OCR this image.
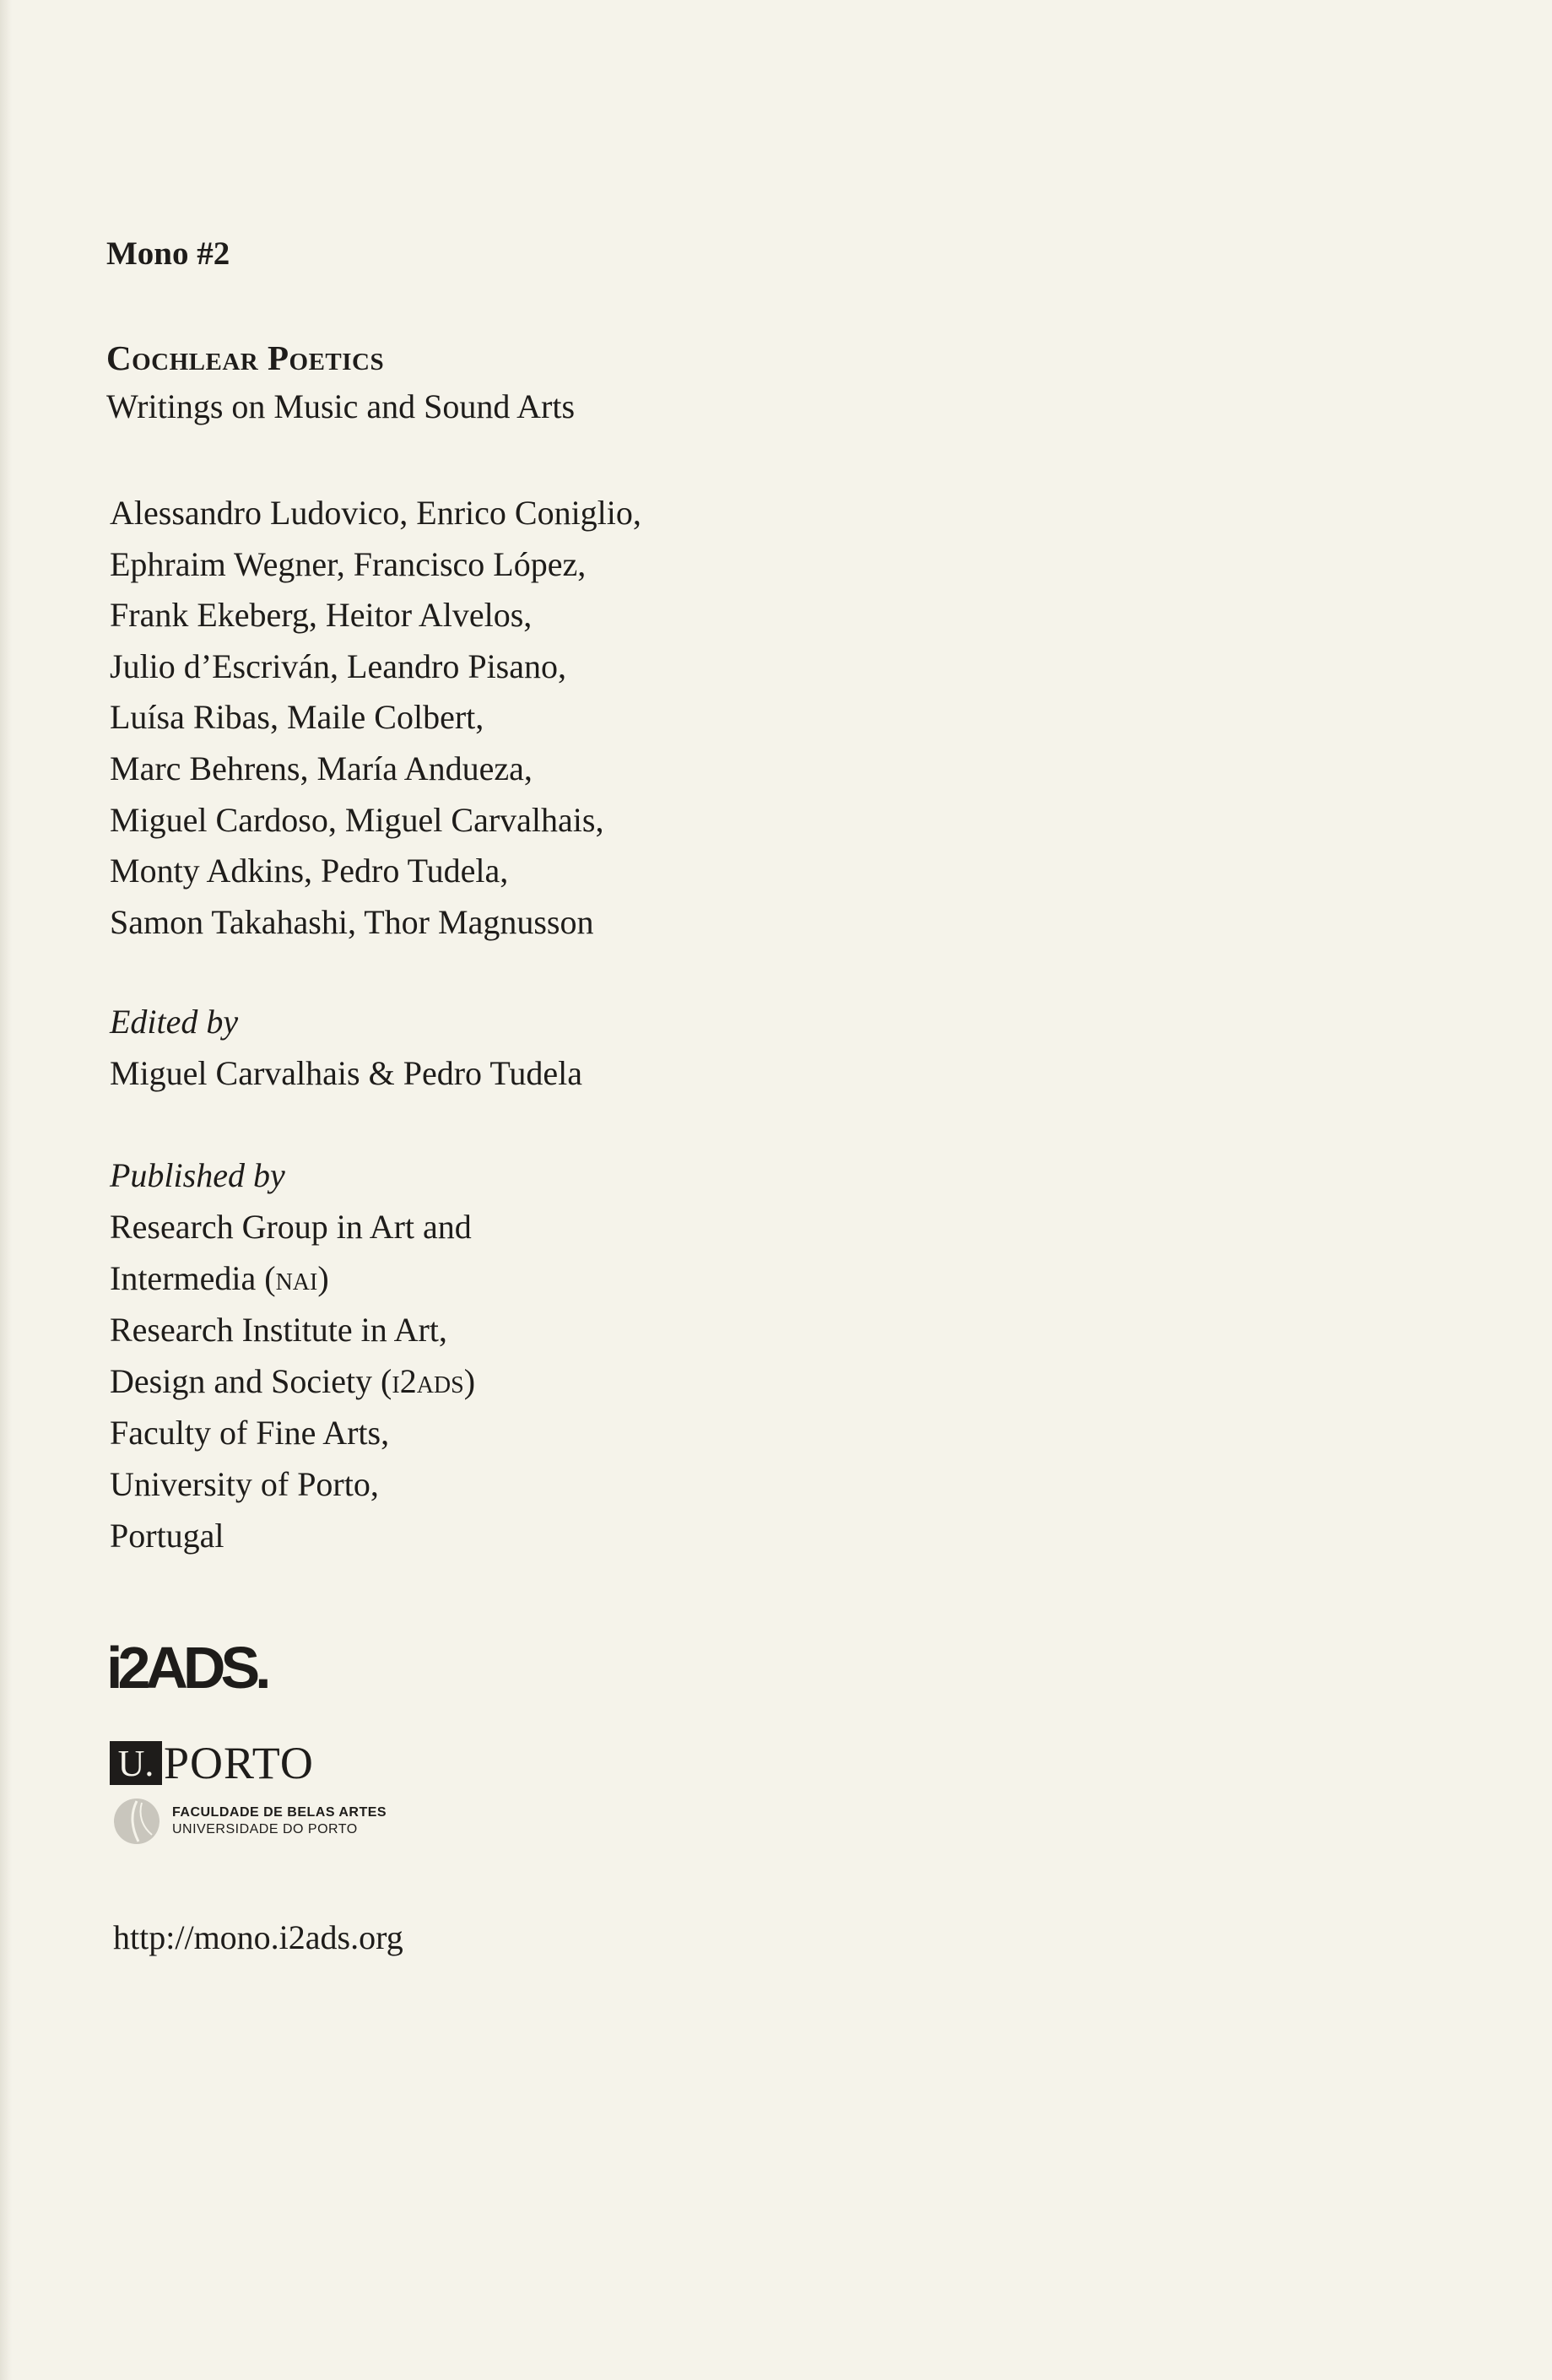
Mono #2
Cochlear Poetics
Writings on Music and Sound Arts
Alessandro Ludovico, Enrico Coniglio,
Ephraim Wegner, Francisco López,
Frank Ekeberg, Heitor Alvelos,
Julio d’Escriván, Leandro Pisano,
Luísa Ribas, Maile Colbert,
Marc Behrens, María Andueza,
Miguel Cardoso, Miguel Carvalhais,
Monty Adkins, Pedro Tudela,
Samon Takahashi, Thor Magnusson
Edited by
Miguel Carvalhais & Pedro Tudela
Published by
Research Group in Art and
Intermedia (nai)
Research Institute in Art,
Design and Society (i2ads)
Faculty of Fine Arts,
University of Porto,
Portugal
i2ADS.
U. PORTO
FACULDADE DE BELAS ARTES
UNIVERSIDADE DO PORTO
http://mono.i2ads.org
